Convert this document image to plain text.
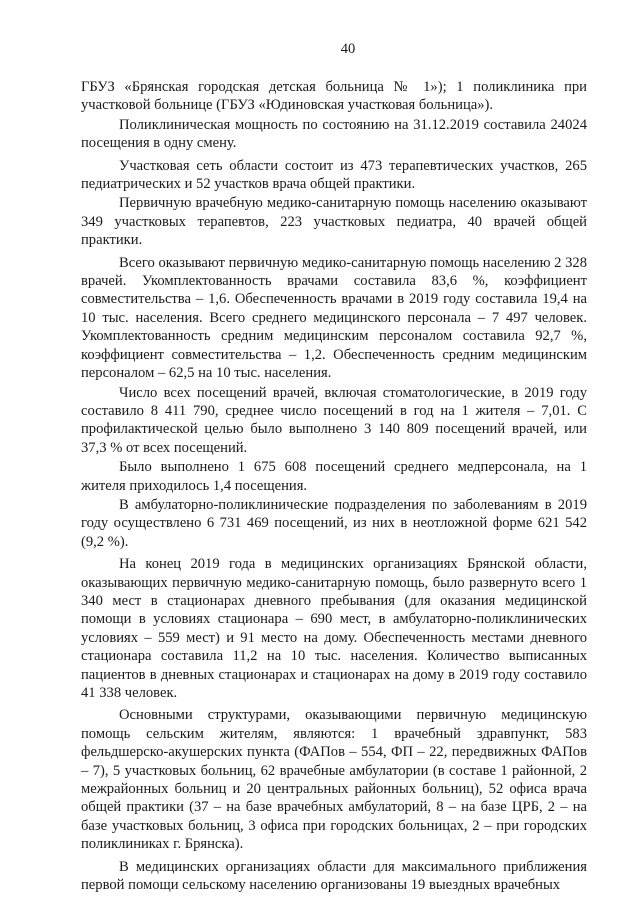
40

ГБУЗ «Брянская городская детская больница № 1»); 1 поликлиника при участковой больнице (ГБУЗ «Юдиновская участковая больница»).

Поликлиническая мощность по состоянию на 31.12.2019 составила 24024 посещения в одну смену.

Участковая сеть области состоит из 473 терапевтических участков, 265 педиатрических и 52 участков врача общей практики.

Первичную врачебную медико-санитарную помощь населению оказывают 349 участковых терапевтов, 223 участковых педиатра, 40 врачей общей практики.

Всего оказывают первичную медико-санитарную помощь населению 2 328 врачей. Укомплектованность врачами составила 83,6 %, коэффициент совместительства – 1,6. Обеспеченность врачами в 2019 году составила 19,4 на 10 тыс. населения. Всего среднего медицинского персонала – 7 497 человек. Укомплектованность средним медицинским персоналом составила 92,7 %, коэффициент совместительства – 1,2. Обеспеченность средним медицинским персоналом – 62,5 на 10 тыс. населения.

Число всех посещений врачей, включая стоматологические, в 2019 году составило 8 411 790, среднее число посещений в год на 1 жителя – 7,01. С профилактической целью было выполнено 3 140 809 посещений врачей, или 37,3 % от всех посещений.

Было выполнено 1 675 608 посещений среднего медперсонала, на 1 жителя приходилось 1,4 посещения.

В амбулаторно-поликлинические подразделения по заболеваниям в 2019 году осуществлено 6 731 469 посещений, из них в неотложной форме 621 542 (9,2 %).

На конец 2019 года в медицинских организациях Брянской области, оказывающих первичную медико-санитарную помощь, было развернуто всего 1 340 мест в стационарах дневного пребывания (для оказания медицинской помощи в условиях стационара – 690 мест, в амбулаторно-поликлинических условиях – 559 мест) и 91 место на дому. Обеспеченность местами дневного стационара составила 11,2 на 10 тыс. населения. Количество выписанных пациентов в дневных стационарах и стационарах на дому в 2019 году составило 41 338 человек.

Основными структурами, оказывающими первичную медицинскую помощь сельским жителям, являются: 1 врачебный здравпункт, 583 фельдшерско-акушерских пункта (ФАПов – 554, ФП – 22, передвижных ФАПов – 7), 5 участковых больниц, 62 врачебные амбулатории (в составе 1 районной, 2 межрайонных больниц и 20 центральных районных больниц), 52 офиса врача общей практики (37 – на базе врачебных амбулаторий, 8 – на базе ЦРБ, 2 – на базе участковых больниц, 3 офиса при городских больницах, 2 – при городских поликлиниках г. Брянска).

В медицинских организациях области для максимального приближения первой помощи сельскому населению организованы 19 выездных врачебных
